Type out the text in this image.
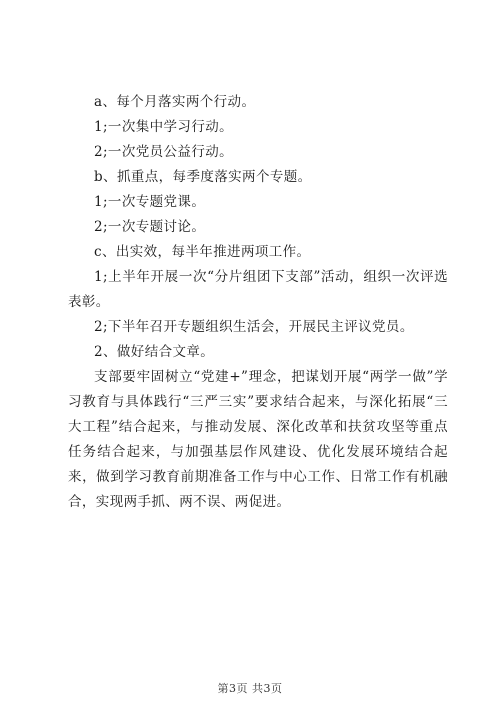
a、每个月落实两个行动。

1;一次集中学习行动。

2;一次党员公益行动。

b、抓重点，每季度落实两个专题。

1;一次专题党课。

2;一次专题讨论。

c、出实效，每半年推进两项工作。

1;上半年开展一次“分片组团下支部”活动，组织一次评选表彰。

2;下半年召开专题组织生活会，开展民主评议党员。

2、做好结合文章。

支部要牢固树立“党建+”理念，把谋划开展“两学一做”学习教育与具体践行“三严三实”要求结合起来，与深化拓展“三大工程”结合起来，与推动发展、深化改革和扶贫攻坚等重点任务结合起来，与加强基层作风建设、优化发展环境结合起来，做到学习教育前期准备工作与中心工作、日常工作有机融合，实现两手抓、两不误、两促进。

第3页 共3页
